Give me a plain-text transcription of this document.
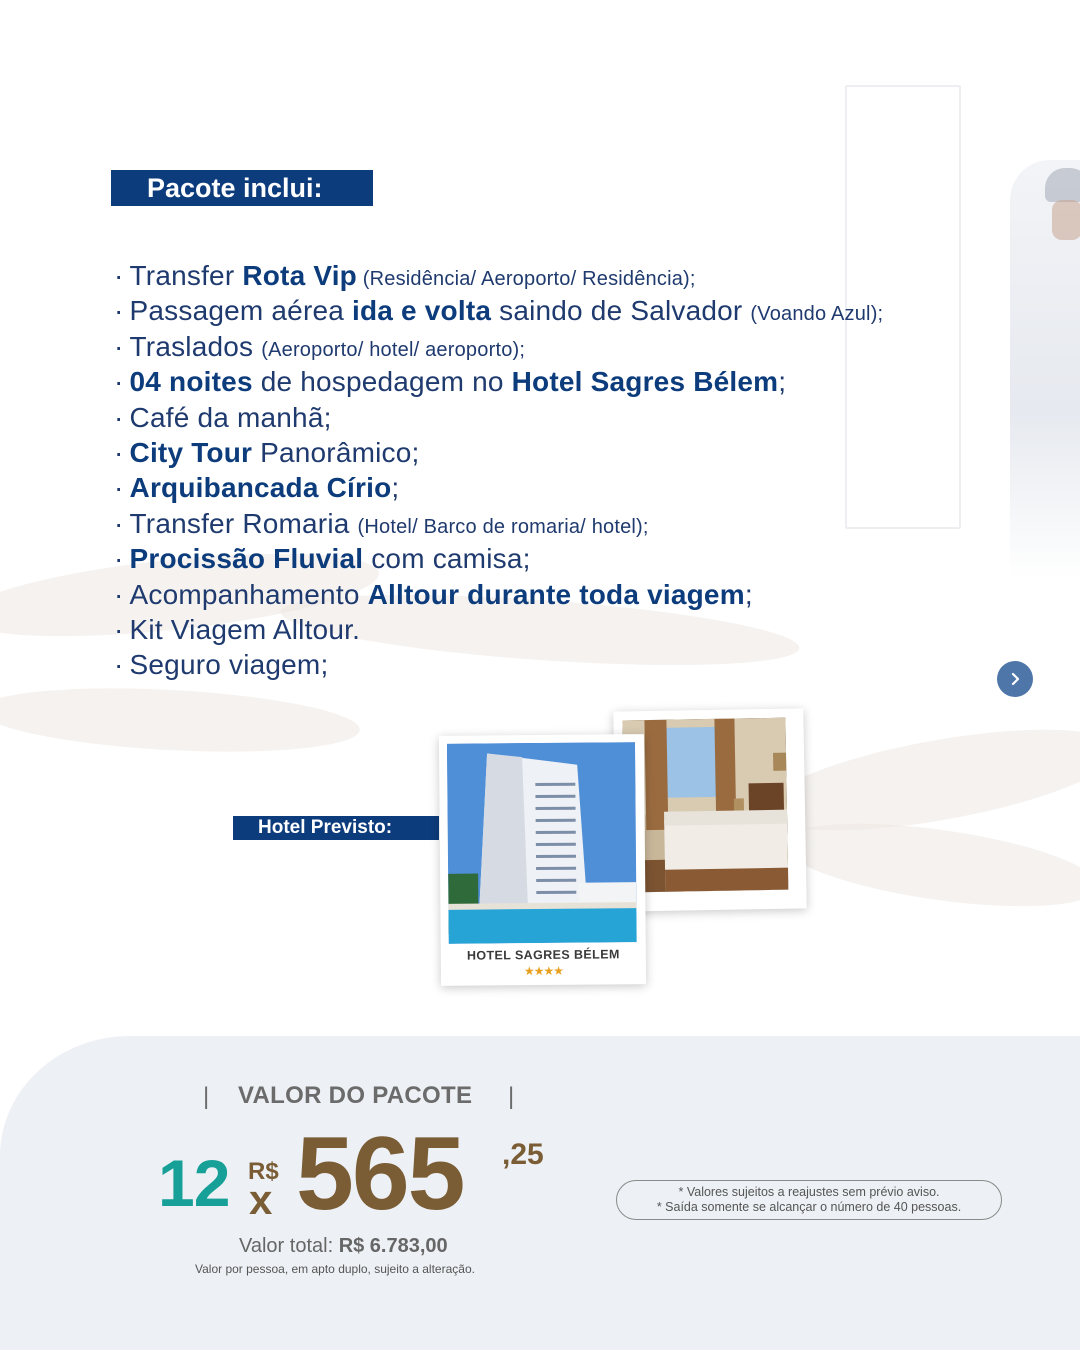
Pacote inclui:
· Transfer Rota Vip (Residência/ Aeroporto/ Residência);
· Passagem aérea ida e volta saindo de Salvador (Voando Azul);
· Traslados (Aeroporto/ hotel/ aeroporto);
· 04 noites de hospedagem no Hotel Sagres Bélem;
· Café da manhã;
· City Tour Panorâmico;
· Arquibancada Círio;
· Transfer Romaria (Hotel/ Barco de romaria/ hotel);
· Procissão Fluvial com camisa;
· Acompanhamento Alltour durante toda viagem;
· Kit Viagem Alltour.
· Seguro viagem;
Hotel Previsto:
HOTEL SAGRES BÉLEM
★★★★
| VALOR DO PACOTE |
12 R$
x 565 ,25
Valor total: R$ 6.783,00
Valor por pessoa, em apto duplo, sujeito a alteração.
* Valores sujeitos a reajustes sem prévio aviso.
* Saída somente se alcançar o número de 40 pessoas.
